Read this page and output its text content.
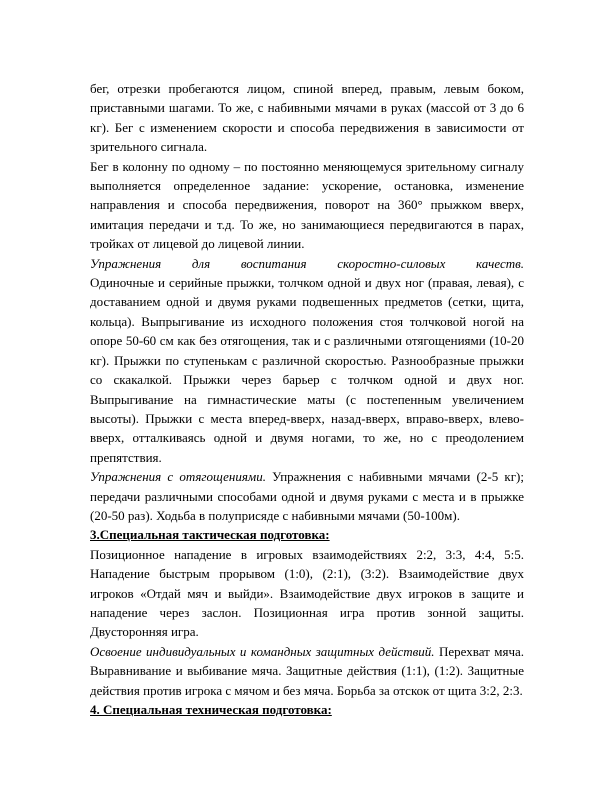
бег, отрезки пробегаются лицом, спиной вперед, правым, левым боком, приставными шагами. То же, с набивными мячами в руках (массой от 3 до 6 кг). Бег с изменением скорости и способа передвижения в зависимости от зрительного сигнала.

Бег в колонну по одному – по постоянно меняющемуся зрительному сигналу выполняется определенное задание: ускорение, остановка, изменение направления и способа передвижения, поворот на 360° прыжком вверх, имитация передачи и т.д. То же, но занимающиеся передвигаются в парах, тройках от лицевой до лицевой линии.

Упражнения для воспитания скоростно-силовых качеств.

Одиночные и серийные прыжки, толчком одной и двух ног (правая, левая), с доставанием одной и двумя руками подвешенных предметов (сетки, щита, кольца). Выпрыгивание из исходного положения стоя толчковой ногой на опоре 50-60 см как без отягощения, так и с различными отягощениями (10-20 кг). Прыжки по ступенькам с различной скоростью. Разнообразные прыжки со скакалкой. Прыжки через барьер с толчком одной и двух ног. Выпрыгивание на гимнастические маты (с постепенным увеличением высоты). Прыжки с места вперед-вверх, назад-вверх, вправо-вверх, влево-вверх, отталкиваясь одной и двумя ногами, то же, но с преодолением препятствия.

Упражнения с отягощениями. Упражнения с набивными мячами (2-5 кг); передачи различными способами одной и двумя руками с места и в прыжке (20-50 раз). Ходьба в полуприсяде с набивными мячами (50-100м).

3.Специальная тактическая подготовка:

Позиционное нападение в игровых взаимодействиях 2:2, 3:3, 4:4, 5:5. Нападение быстрым прорывом (1:0), (2:1), (3:2). Взаимодействие двух игроков «Отдай мяч и выйди». Взаимодействие двух игроков в защите и нападение через заслон. Позиционная игра против зонной защиты. Двусторонняя игра.

Освоение индивидуальных и командных защитных действий. Перехват мяча. Выравнивание и выбивание мяча. Защитные действия (1:1), (1:2). Защитные действия против игрока с мячом и без мяча. Борьба за отскок от щита 3:2, 2:3.

4. Специальная техническая подготовка:
